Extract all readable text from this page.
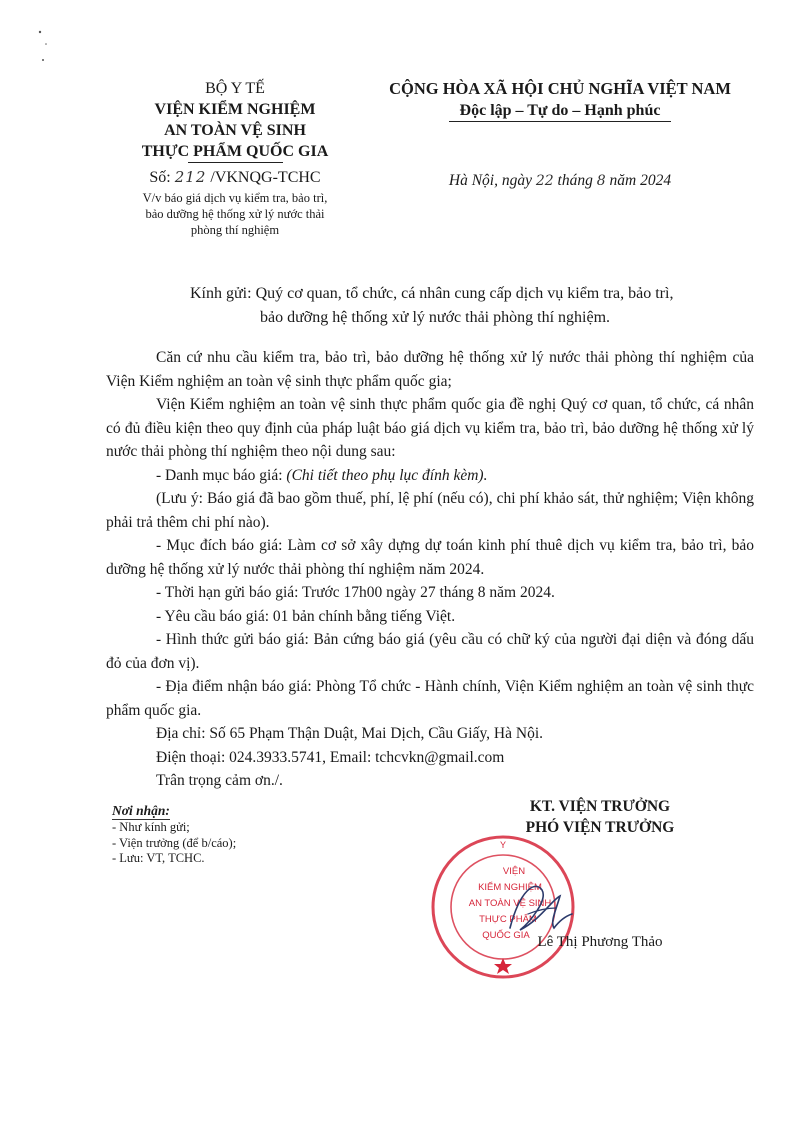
BỘ Y TẾ
VIỆN KIỂM NGHIỆM
AN TOÀN VỆ SINH
THỰC PHẨM QUỐC GIA
Số: 212 /VKNQG-TCHC
V/v báo giá dịch vụ kiểm tra, bảo trì,
bảo dưỡng hệ thống xử lý nước thải
phòng thí nghiệm
CỘNG HÒA XÃ HỘI CHỦ NGHĨA VIỆT NAM
Độc lập – Tự do – Hạnh phúc
Hà Nội, ngày 22 tháng 8 năm 2024
Kính gửi: Quý cơ quan, tổ chức, cá nhân cung cấp dịch vụ kiểm tra, bảo trì,
bảo dưỡng hệ thống xử lý nước thải phòng thí nghiệm.

Căn cứ nhu cầu kiểm tra, bảo trì, bảo dưỡng hệ thống xử lý nước thải phòng thí nghiệm của Viện Kiểm nghiệm an toàn vệ sinh thực phẩm quốc gia;

Viện Kiểm nghiệm an toàn vệ sinh thực phẩm quốc gia đề nghị Quý cơ quan, tổ chức, cá nhân có đủ điều kiện theo quy định của pháp luật báo giá dịch vụ kiểm tra, bảo trì, bảo dưỡng hệ thống xử lý nước thải phòng thí nghiệm theo nội dung sau:

- Danh mục báo giá: (Chi tiết theo phụ lục đính kèm).

(Lưu ý: Báo giá đã bao gồm thuế, phí, lệ phí (nếu có), chi phí khảo sát, thử nghiệm; Viện không phải trả thêm chi phí nào).

- Mục đích báo giá: Làm cơ sở xây dựng dự toán kinh phí thuê dịch vụ kiểm tra, bảo trì, bảo dưỡng hệ thống xử lý nước thải phòng thí nghiệm năm 2024.

- Thời hạn gửi báo giá: Trước 17h00 ngày 27 tháng 8 năm 2024.

- Yêu cầu báo giá: 01 bản chính bằng tiếng Việt.

- Hình thức gửi báo giá: Bản cứng báo giá (yêu cầu có chữ ký của người đại diện và đóng dấu đỏ của đơn vị).

- Địa điểm nhận báo giá: Phòng Tổ chức - Hành chính, Viện Kiểm nghiệm an toàn vệ sinh thực phẩm quốc gia.

Địa chỉ: Số 65 Phạm Thận Duật, Mai Dịch, Cầu Giấy, Hà Nội.

Điện thoại: 024.3933.5741, Email: tchcvkn@gmail.com

Trân trọng cảm ơn./.

Nơi nhận:
- Như kính gửi;
- Viện trưởng (để b/cáo);
- Lưu: VT, TCHC.
Y
VIỆN
KIỂM NGHIỆM
AN TOÀN VỆ SINH
THỰC PHẨM
QUỐC GIA
KT. VIỆN TRƯỞNG
PHÓ VIỆN TRƯỞNG
Lê Thị Phương Thảo
